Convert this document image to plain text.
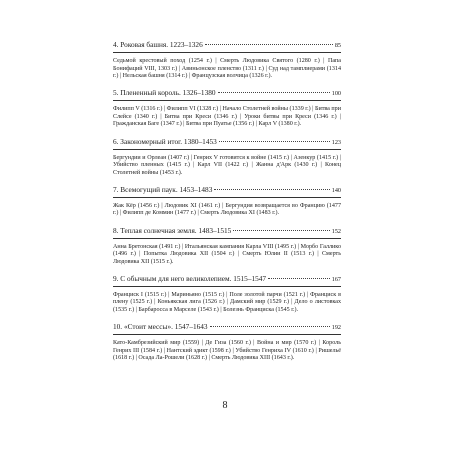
4. Роковая башня. 1223–1326	85
Седьмой крестовый поход (1254 г.) | Смерть Людовика Святого (1280 г.) | Папа Бонифаций VIII, 1303 г.) | Авиньонское пленство (1311 г.) | Суд над тамплиерами (1314 г.) | Нельская башня (1314 г.) | Французская волчица (1326 г.).
5. Плененный король. 1326–1380	100
Филипп V (1316 г.) | Филипп VI (1328 г.) | Начало Столетней войны (1339 г.) | Битва при Слейсе (1340 г.) | Битва при Креси (1346 г.) | Уроки битвы при Креси (1346 г.) | Гражданская Баге (1347 г.) | Битва при Пуатье (1356 г.) | Карл V (1380 г.).
6. Закономерный итог. 1380–1453	123
Бергундии и Орлеан (1407 г.) | Генрих V готовится к войне (1415 г.) | Азенкур (1415 г.) | Убийство пленных (1415 г.) | Карл VII (1422 г.) | Жанна д'Арк (1430 г.) | Конец Столетней войны (1453 г.).
7. Всемогущий паук. 1453–1483	140
Жак Кёр (1456 г.) | Людовик XI (1461 г.) | Бергундия возвращается во Францию (1477 г.) | Филипп де Коммин (1477 г.) | Смерть Людовика XI (1483 г.).
8. Теплая солнечная земля. 1483–1515	152
Анна Бретонская (1491 г.) | Итальянская кампания Карла VIII (1495 г.) | Морбо Галлико (1496 г.) | Попытка Людовика XII (1504 г.) | Смерть Юлии II (1513 г.) | Смерть Людовика XII (1515 г.).
9. С обычным для него великолепием. 1515–1547	167
Франциск I (1515 г.) | Мариньяно (1515 г.) | Поле золотой парчи (1521 г.) | Франциск в плену (1525 г.) | Коньякская лига (1526 г.) | Дамский мир (1529 г.) | Дело о листовках (1535 г.) | Барбаросса в Марселе (1543 г.) | Болезнь Франциска (1545 г.).
10. «Стоит мессы». 1547–1643	192
Като-Камбрезийский мир (1559) | Де Гиза (1560 г.) | Война и мир (1570 г.) | Король Генрих III (1584 г.) | Нантский эдикт (1598 г.) | Убийство Генриха IV (1610 г.) | Ришельё (1618 г.) | Осада Ла-Рошели (1628 г.) | Смерть Людовика XIII (1643 г.).
8
